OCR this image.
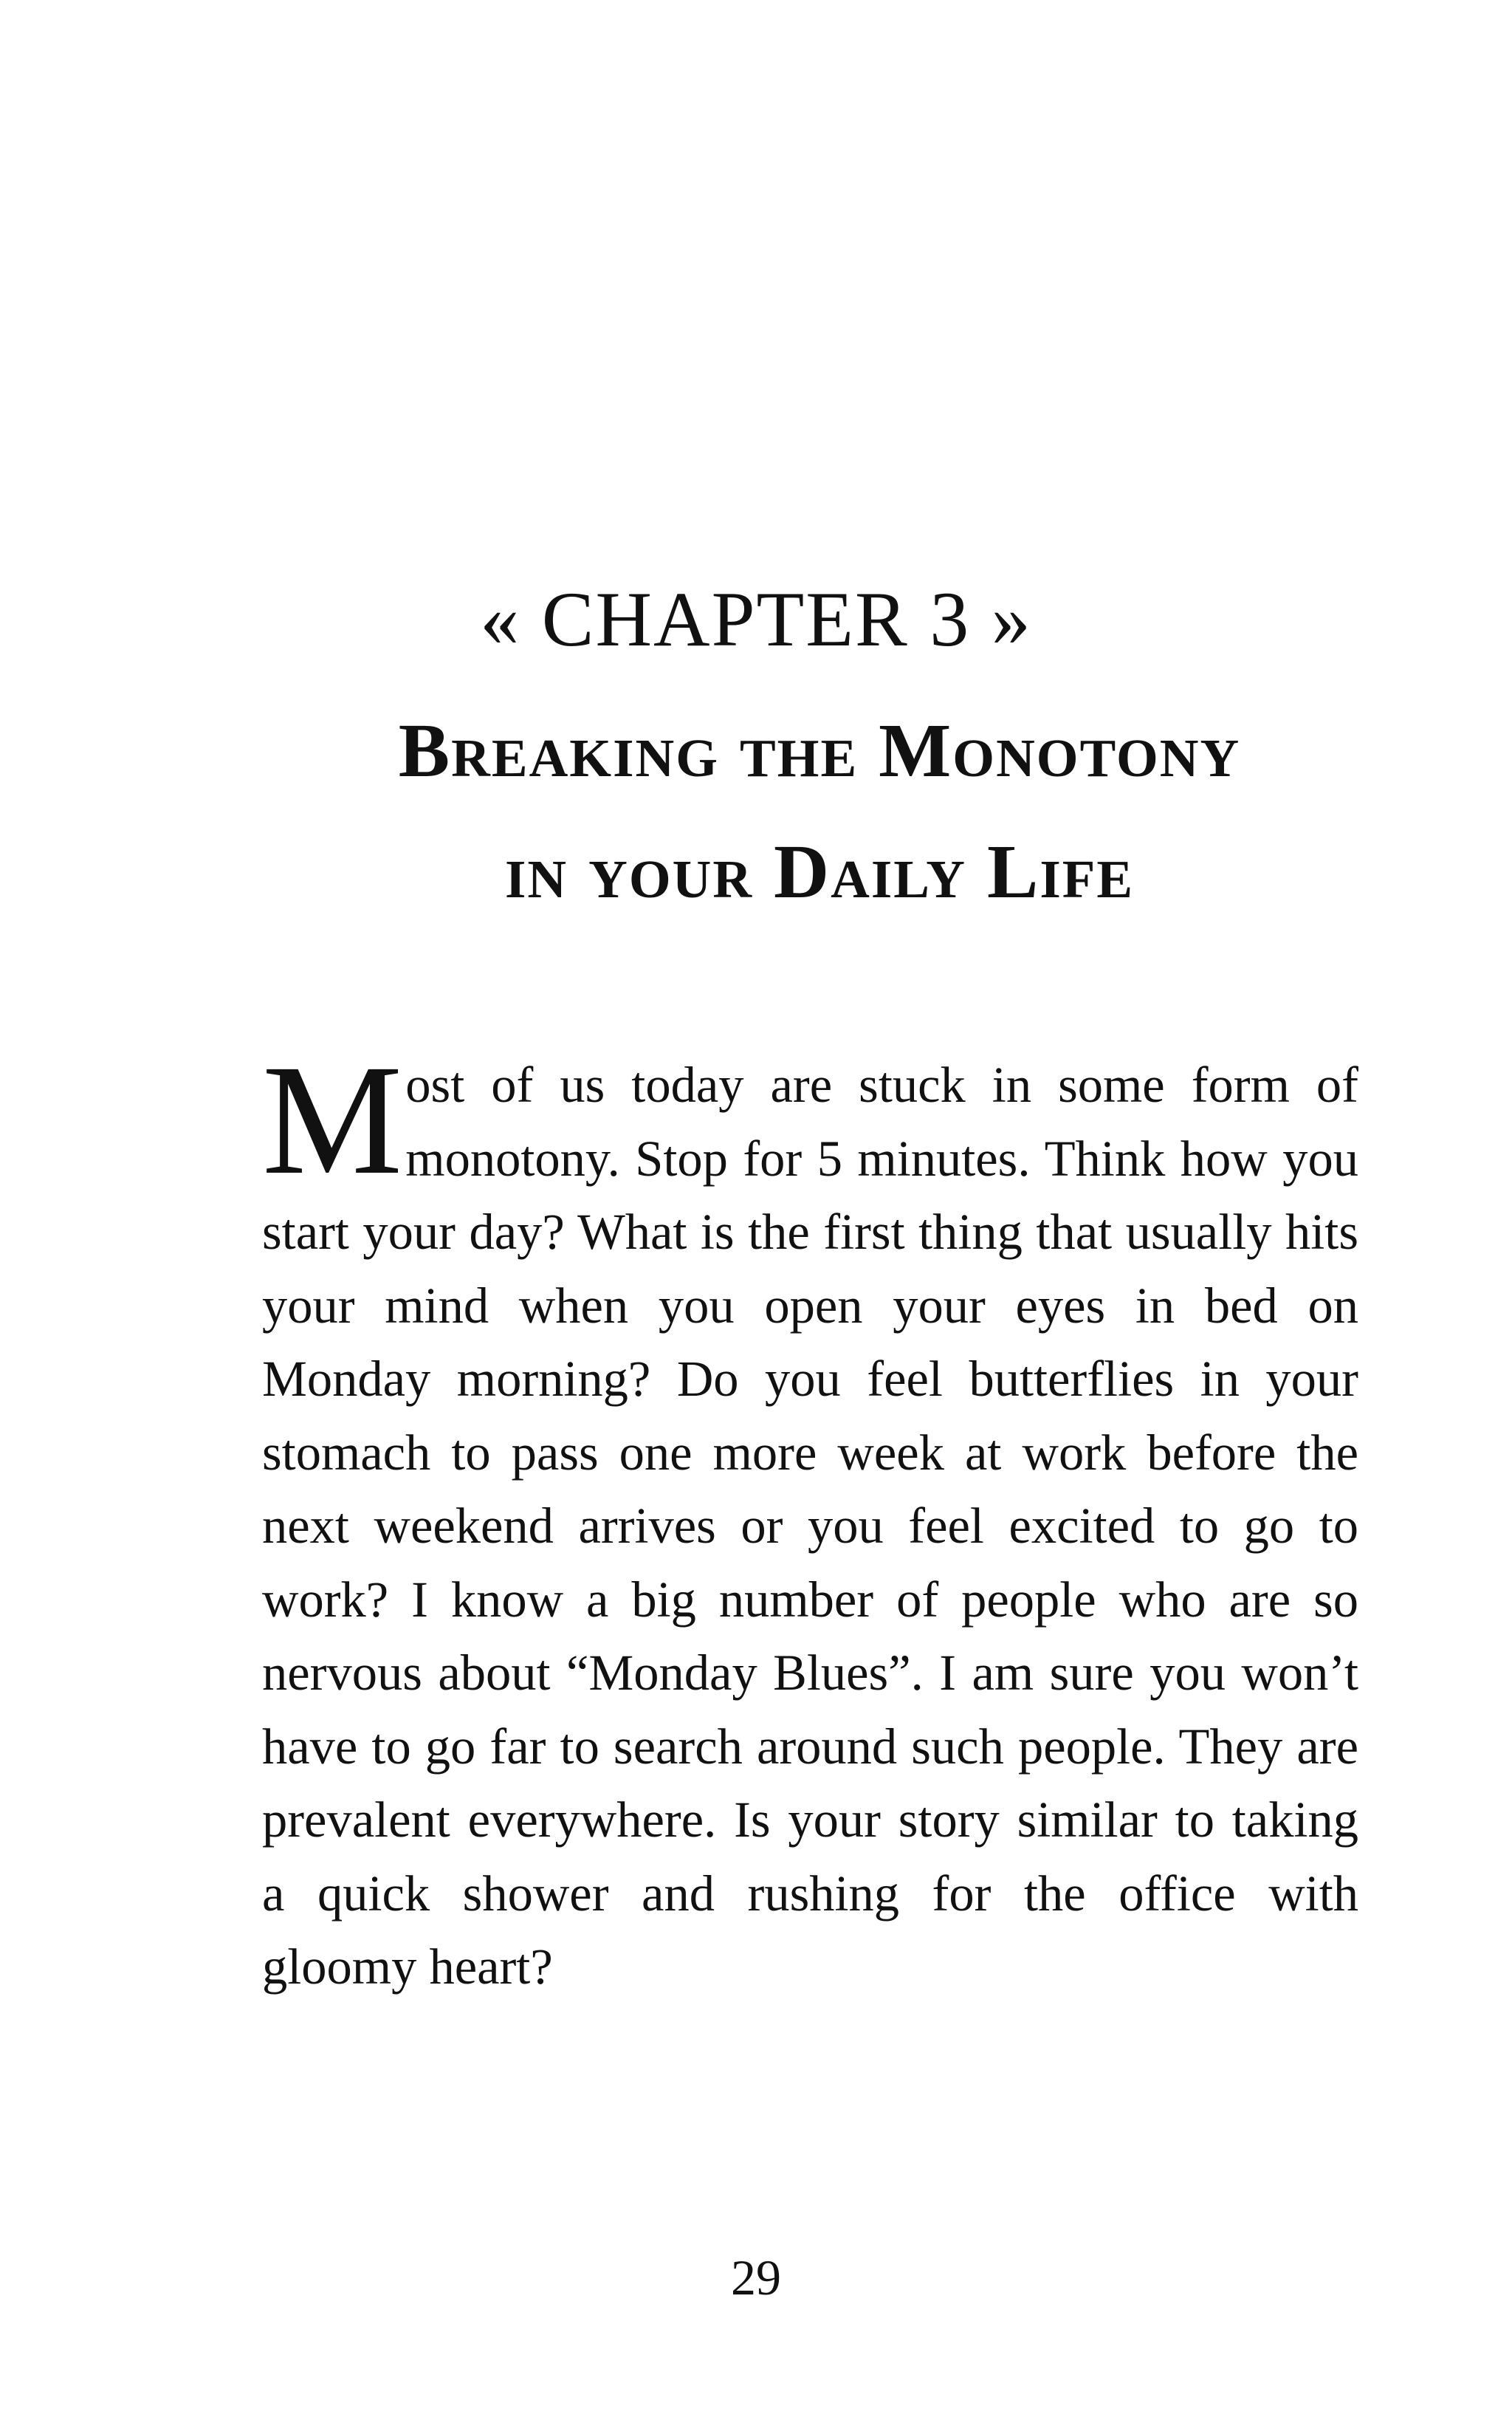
« CHAPTER 3 »
Breaking the Monotony
in your Daily Life

Most of us today are stuck in some form of monotony. Stop for 5 minutes. Think how you start your day? What is the first thing that usually hits your mind when you open your eyes in bed on Monday morning? Do you feel butterflies in your stomach to pass one more week at work before the next weekend arrives or you feel excited to go to work? I know a big number of people who are so nervous about “Monday Blues”. I am sure you won’t have to go far to search around such people. They are prevalent everywhere. Is your story similar to taking a quick shower and rushing for the office with gloomy heart?

29
